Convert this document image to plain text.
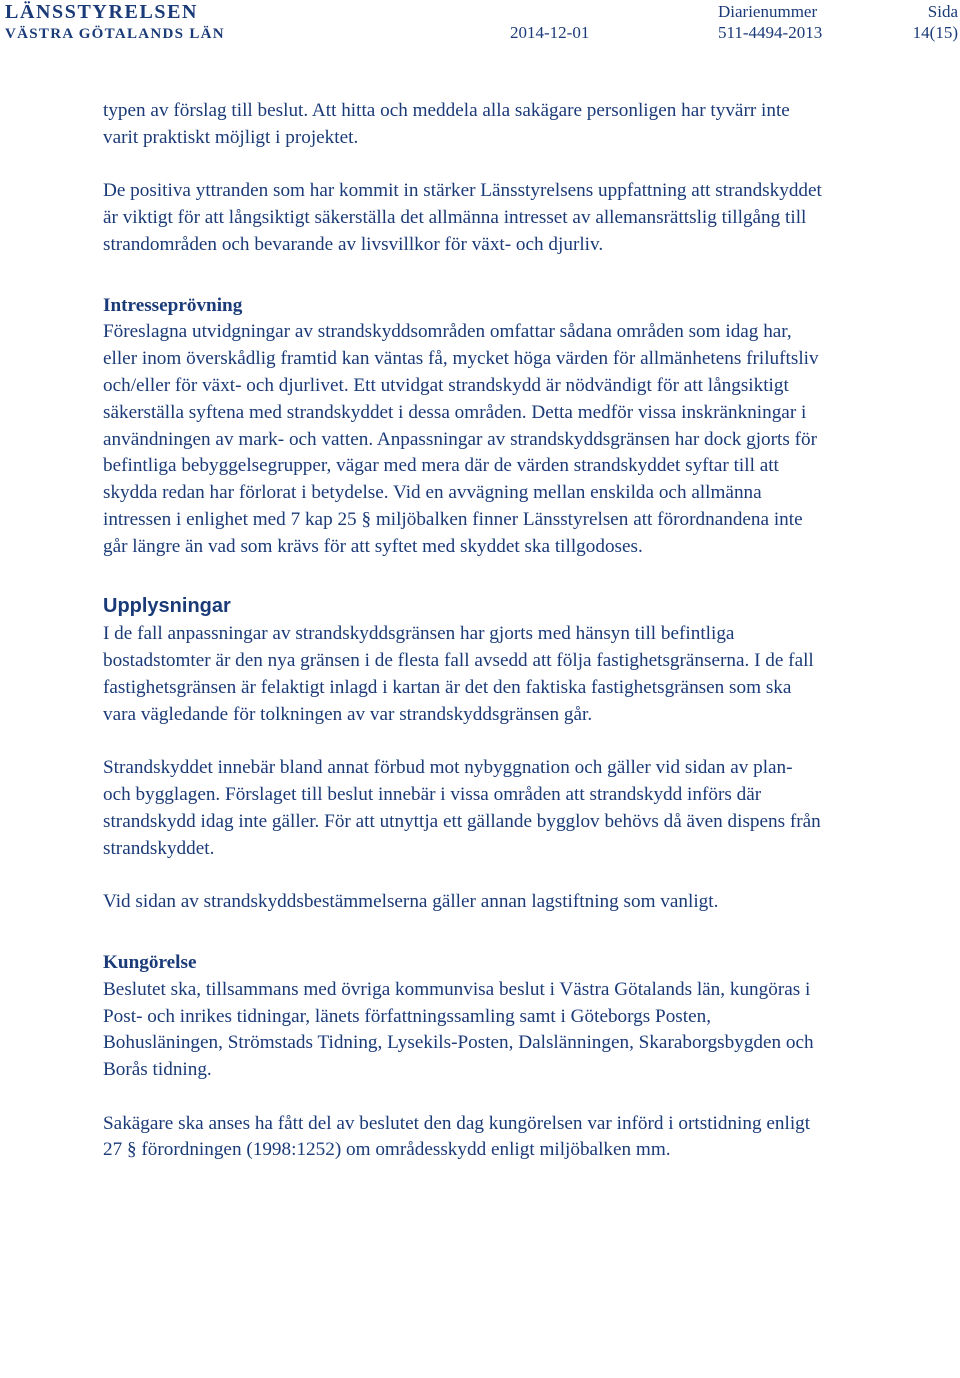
LÄNSSTYRELSEN
VÄSTRA GÖTALANDS LÄN	2014-12-01
Diarienummer
511-4494-2013
Sida
14(15)

typen av förslag till beslut. Att hitta och meddela alla sakägare personligen har tyvärr inte varit praktiskt möjligt i projektet.

De positiva yttranden som har kommit in stärker Länsstyrelsens uppfattning att strandskyddet är viktigt för att långsiktigt säkerställa det allmänna intresset av allemansrättslig tillgång till strandområden och bevarande av livsvillkor för växt- och djurliv.

Intresseprövning

Föreslagna utvidgningar av strandskyddsområden omfattar sådana områden som idag har, eller inom överskådlig framtid kan väntas få, mycket höga värden för allmänhetens friluftsliv och/eller för växt- och djurlivet. Ett utvidgat strandskydd är nödvändigt för att långsiktigt säkerställa syftena med strandskyddet i dessa områden. Detta medför vissa inskränkningar i användningen av mark- och vatten. Anpassningar av strandskyddsgränsen har dock gjorts för befintliga bebyggelsegrupper, vägar med mera där de värden strandskyddet syftar till att skydda redan har förlorat i betydelse. Vid en avvägning mellan enskilda och allmänna intressen i enlighet med 7 kap 25 § miljöbalken finner Länsstyrelsen att förordnandena inte går längre än vad som krävs för att syftet med skyddet ska tillgodoses.

Upplysningar

I de fall anpassningar av strandskyddsgränsen har gjorts med hänsyn till befintliga bostadstomter är den nya gränsen i de flesta fall avsedd att följa fastighetsgränserna. I de fall fastighetsgränsen är felaktigt inlagd i kartan är det den faktiska fastighetsgränsen som ska vara vägledande för tolkningen av var strandskyddsgränsen går.

Strandskyddet innebär bland annat förbud mot nybyggnation och gäller vid sidan av plan- och bygglagen. Förslaget till beslut innebär i vissa områden att strandskydd införs där strandskydd idag inte gäller. För att utnyttja ett gällande bygglov behövs då även dispens från strandskyddet.

Vid sidan av strandskyddsbestämmelserna gäller annan lagstiftning som vanligt.

Kungörelse

Beslutet ska, tillsammans med övriga kommunvisa beslut i Västra Götalands län, kungöras i Post- och inrikes tidningar, länets författningssamling samt i Göteborgs Posten, Bohusläningen, Strömstads Tidning, Lysekils-Posten, Dalslänningen, Skaraborgsbygden och Borås tidning.

Sakägare ska anses ha fått del av beslutet den dag kungörelsen var införd i ortstidning enligt 27 § förordningen (1998:1252) om områdesskydd enligt miljöbalken mm.
